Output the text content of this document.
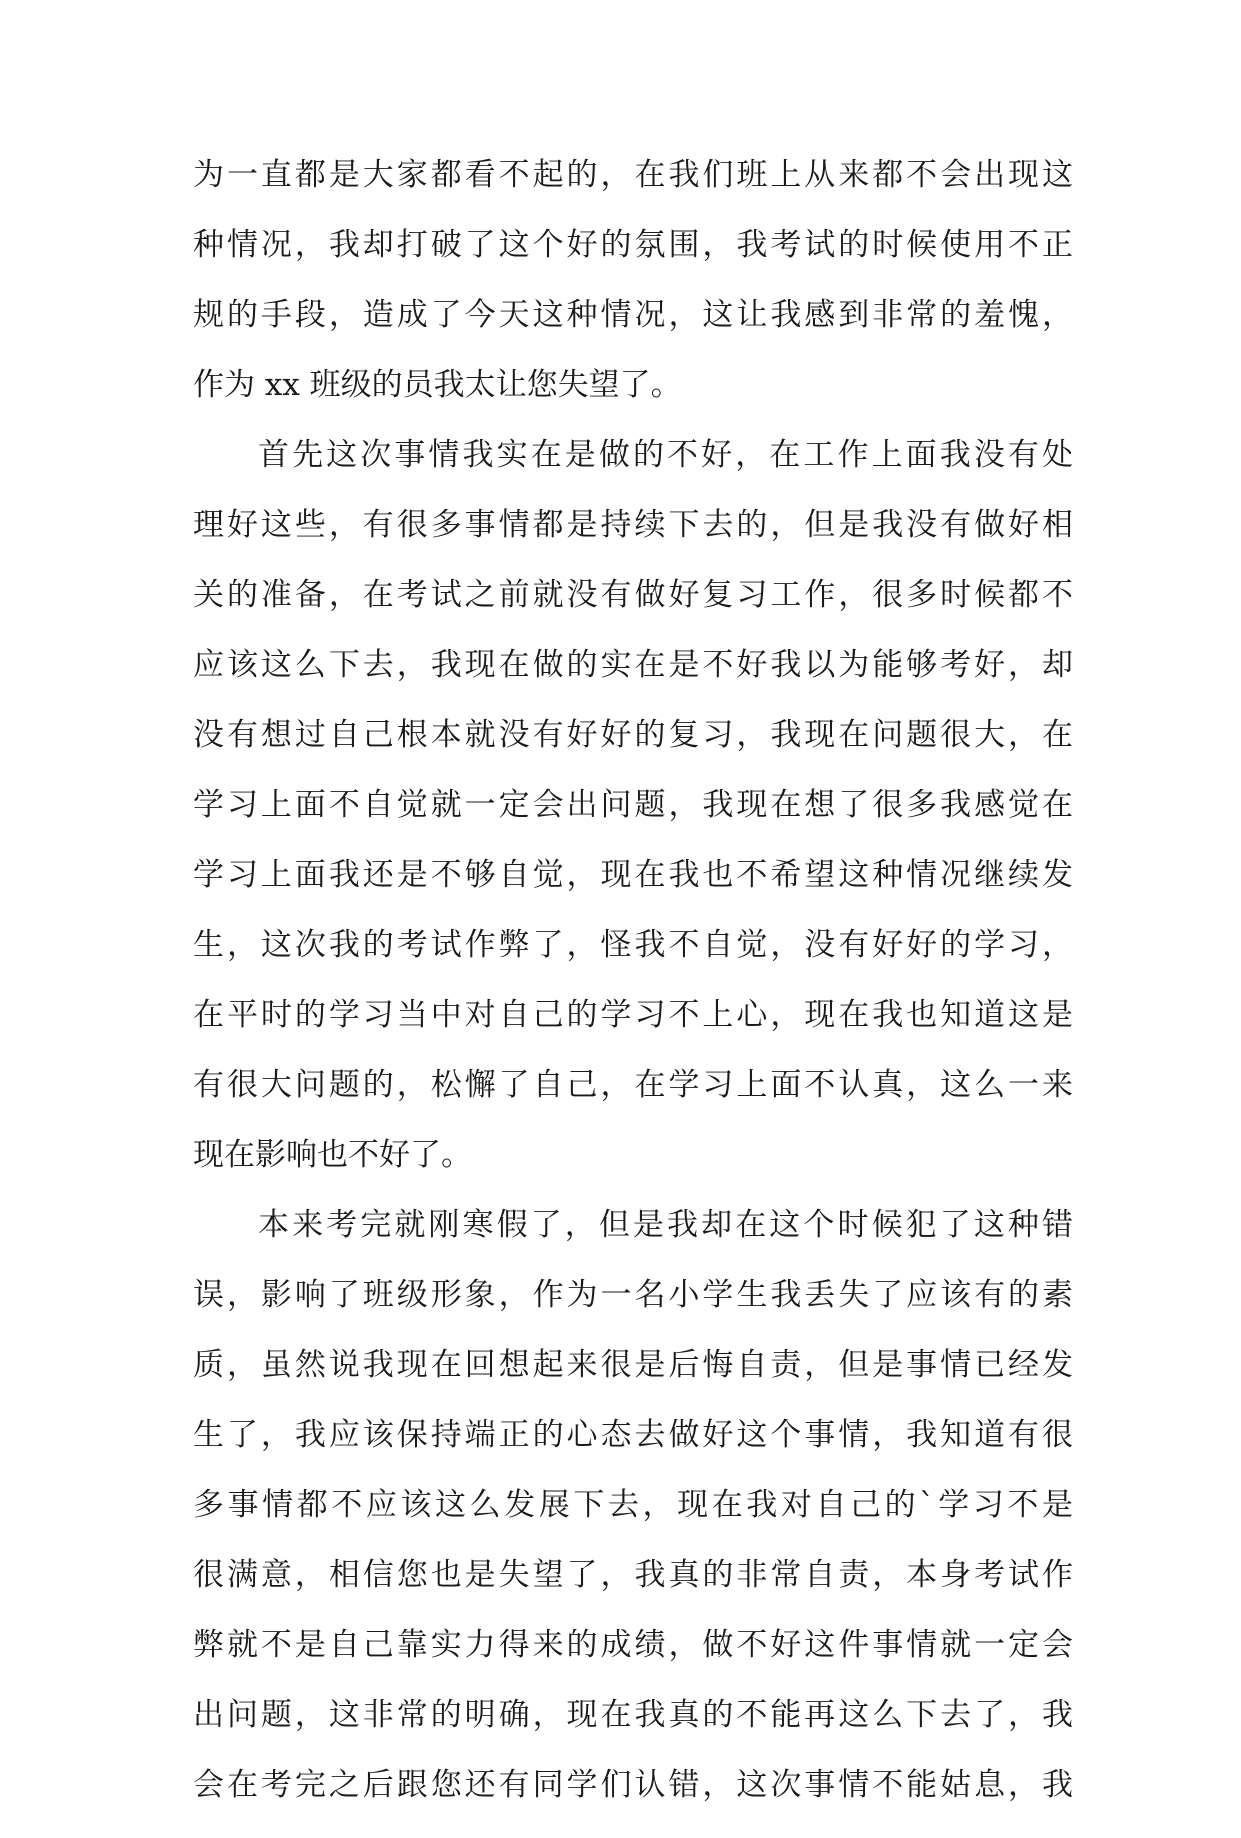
为一直都是大家都看不起的，在我们班上从来都不会出现这
种情况，我却打破了这个好的氛围，我考试的时候使用不正
规的手段，造成了今天这种情况，这让我感到非常的羞愧，
作为 xx 班级的员我太让您失望了。
首先这次事情我实在是做的不好，在工作上面我没有处
理好这些，有很多事情都是持续下去的，但是我没有做好相
关的准备，在考试之前就没有做好复习工作，很多时候都不
应该这么下去，我现在做的实在是不好我以为能够考好，却
没有想过自己根本就没有好好的复习，我现在问题很大，在
学习上面不自觉就一定会出问题，我现在想了很多我感觉在
学习上面我还是不够自觉，现在我也不希望这种情况继续发
生，这次我的考试作弊了，怪我不自觉，没有好好的学习，
在平时的学习当中对自己的学习不上心，现在我也知道这是
有很大问题的，松懈了自己，在学习上面不认真，这么一来
现在影响也不好了。
本来考完就刚寒假了，但是我却在这个时候犯了这种错
误，影响了班级形象，作为一名小学生我丢失了应该有的素
质，虽然说我现在回想起来很是后悔自责，但是事情已经发
生了，我应该保持端正的心态去做好这个事情，我知道有很
多事情都不应该这么发展下去，现在我对自己的`学习不是
很满意，相信您也是失望了，我真的非常自责，本身考试作
弊就不是自己靠实力得来的成绩，做不好这件事情就一定会
出问题，这非常的明确，现在我真的不能再这么下去了，我
会在考完之后跟您还有同学们认错，这次事情不能姑息，我
